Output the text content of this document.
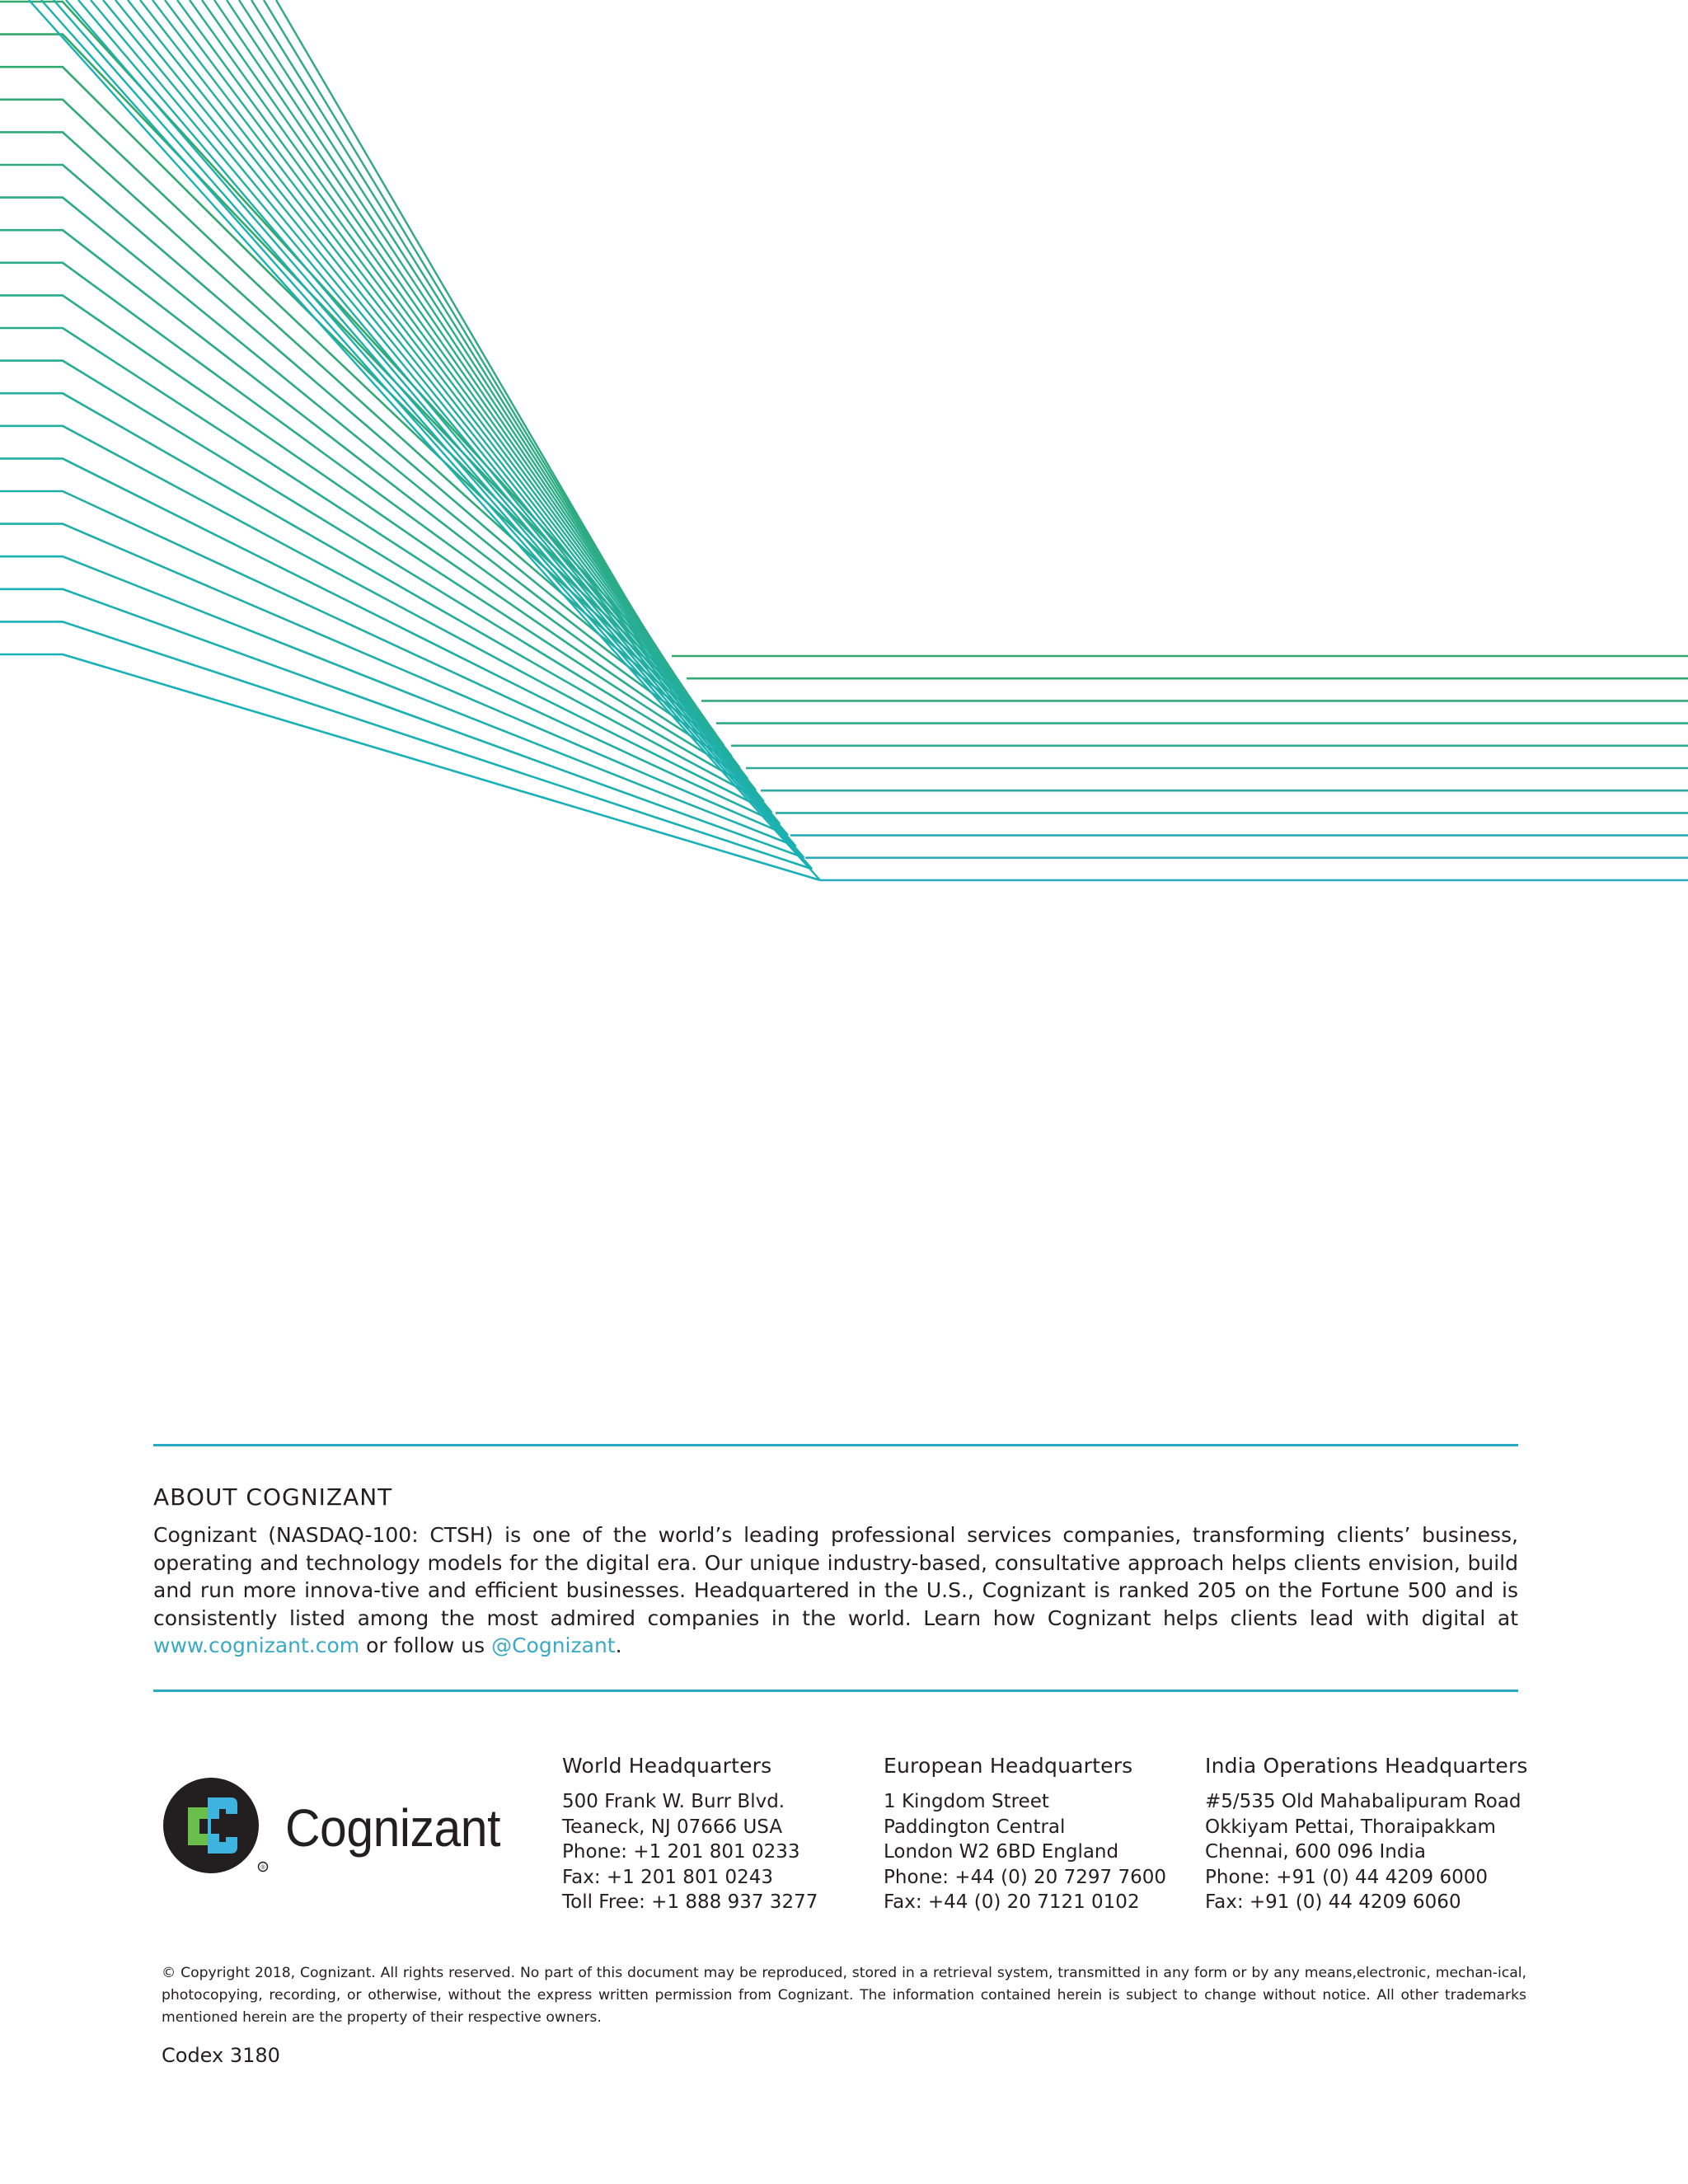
ABOUT COGNIZANT

Cognizant (NASDAQ-100: CTSH) is one of the world’s leading professional services companies, transforming clients’ business, operating and technology models for the digital era. Our unique industry-based, consultative approach helps clients envision, build and run more innova-tive and efficient businesses. Headquartered in the U.S., Cognizant is ranked 205 on the Fortune 500 and is consistently listed among the most admired companies in the world. Learn how Cognizant helps clients lead with digital at www.cognizant.com or follow us @Cognizant.

®
Cognizant
World Headquarters
500 Frank W. Burr Blvd.
Teaneck, NJ 07666 USA
Phone: +1 201 801 0233
Fax: +1 201 801 0243
Toll Free: +1 888 937 3277
European Headquarters
1 Kingdom Street
Paddington Central
London W2 6BD England
Phone: +44 (0) 20 7297 7600
Fax: +44 (0) 20 7121 0102
India Operations Headquarters
#5/535 Old Mahabalipuram Road
Okkiyam Pettai, Thoraipakkam
Chennai, 600 096 India
Phone: +91 (0) 44 4209 6000
Fax: +91 (0) 44 4209 6060

© Copyright 2018, Cognizant. All rights reserved. No part of this document may be reproduced, stored in a retrieval system, transmitted in any form or by any means,electronic, mechan-ical, photocopying, recording, or otherwise, without the express written permission from Cognizant. The information contained herein is subject to change without notice. All other trademarks mentioned herein are the property of their respective owners.

Codex 3180
